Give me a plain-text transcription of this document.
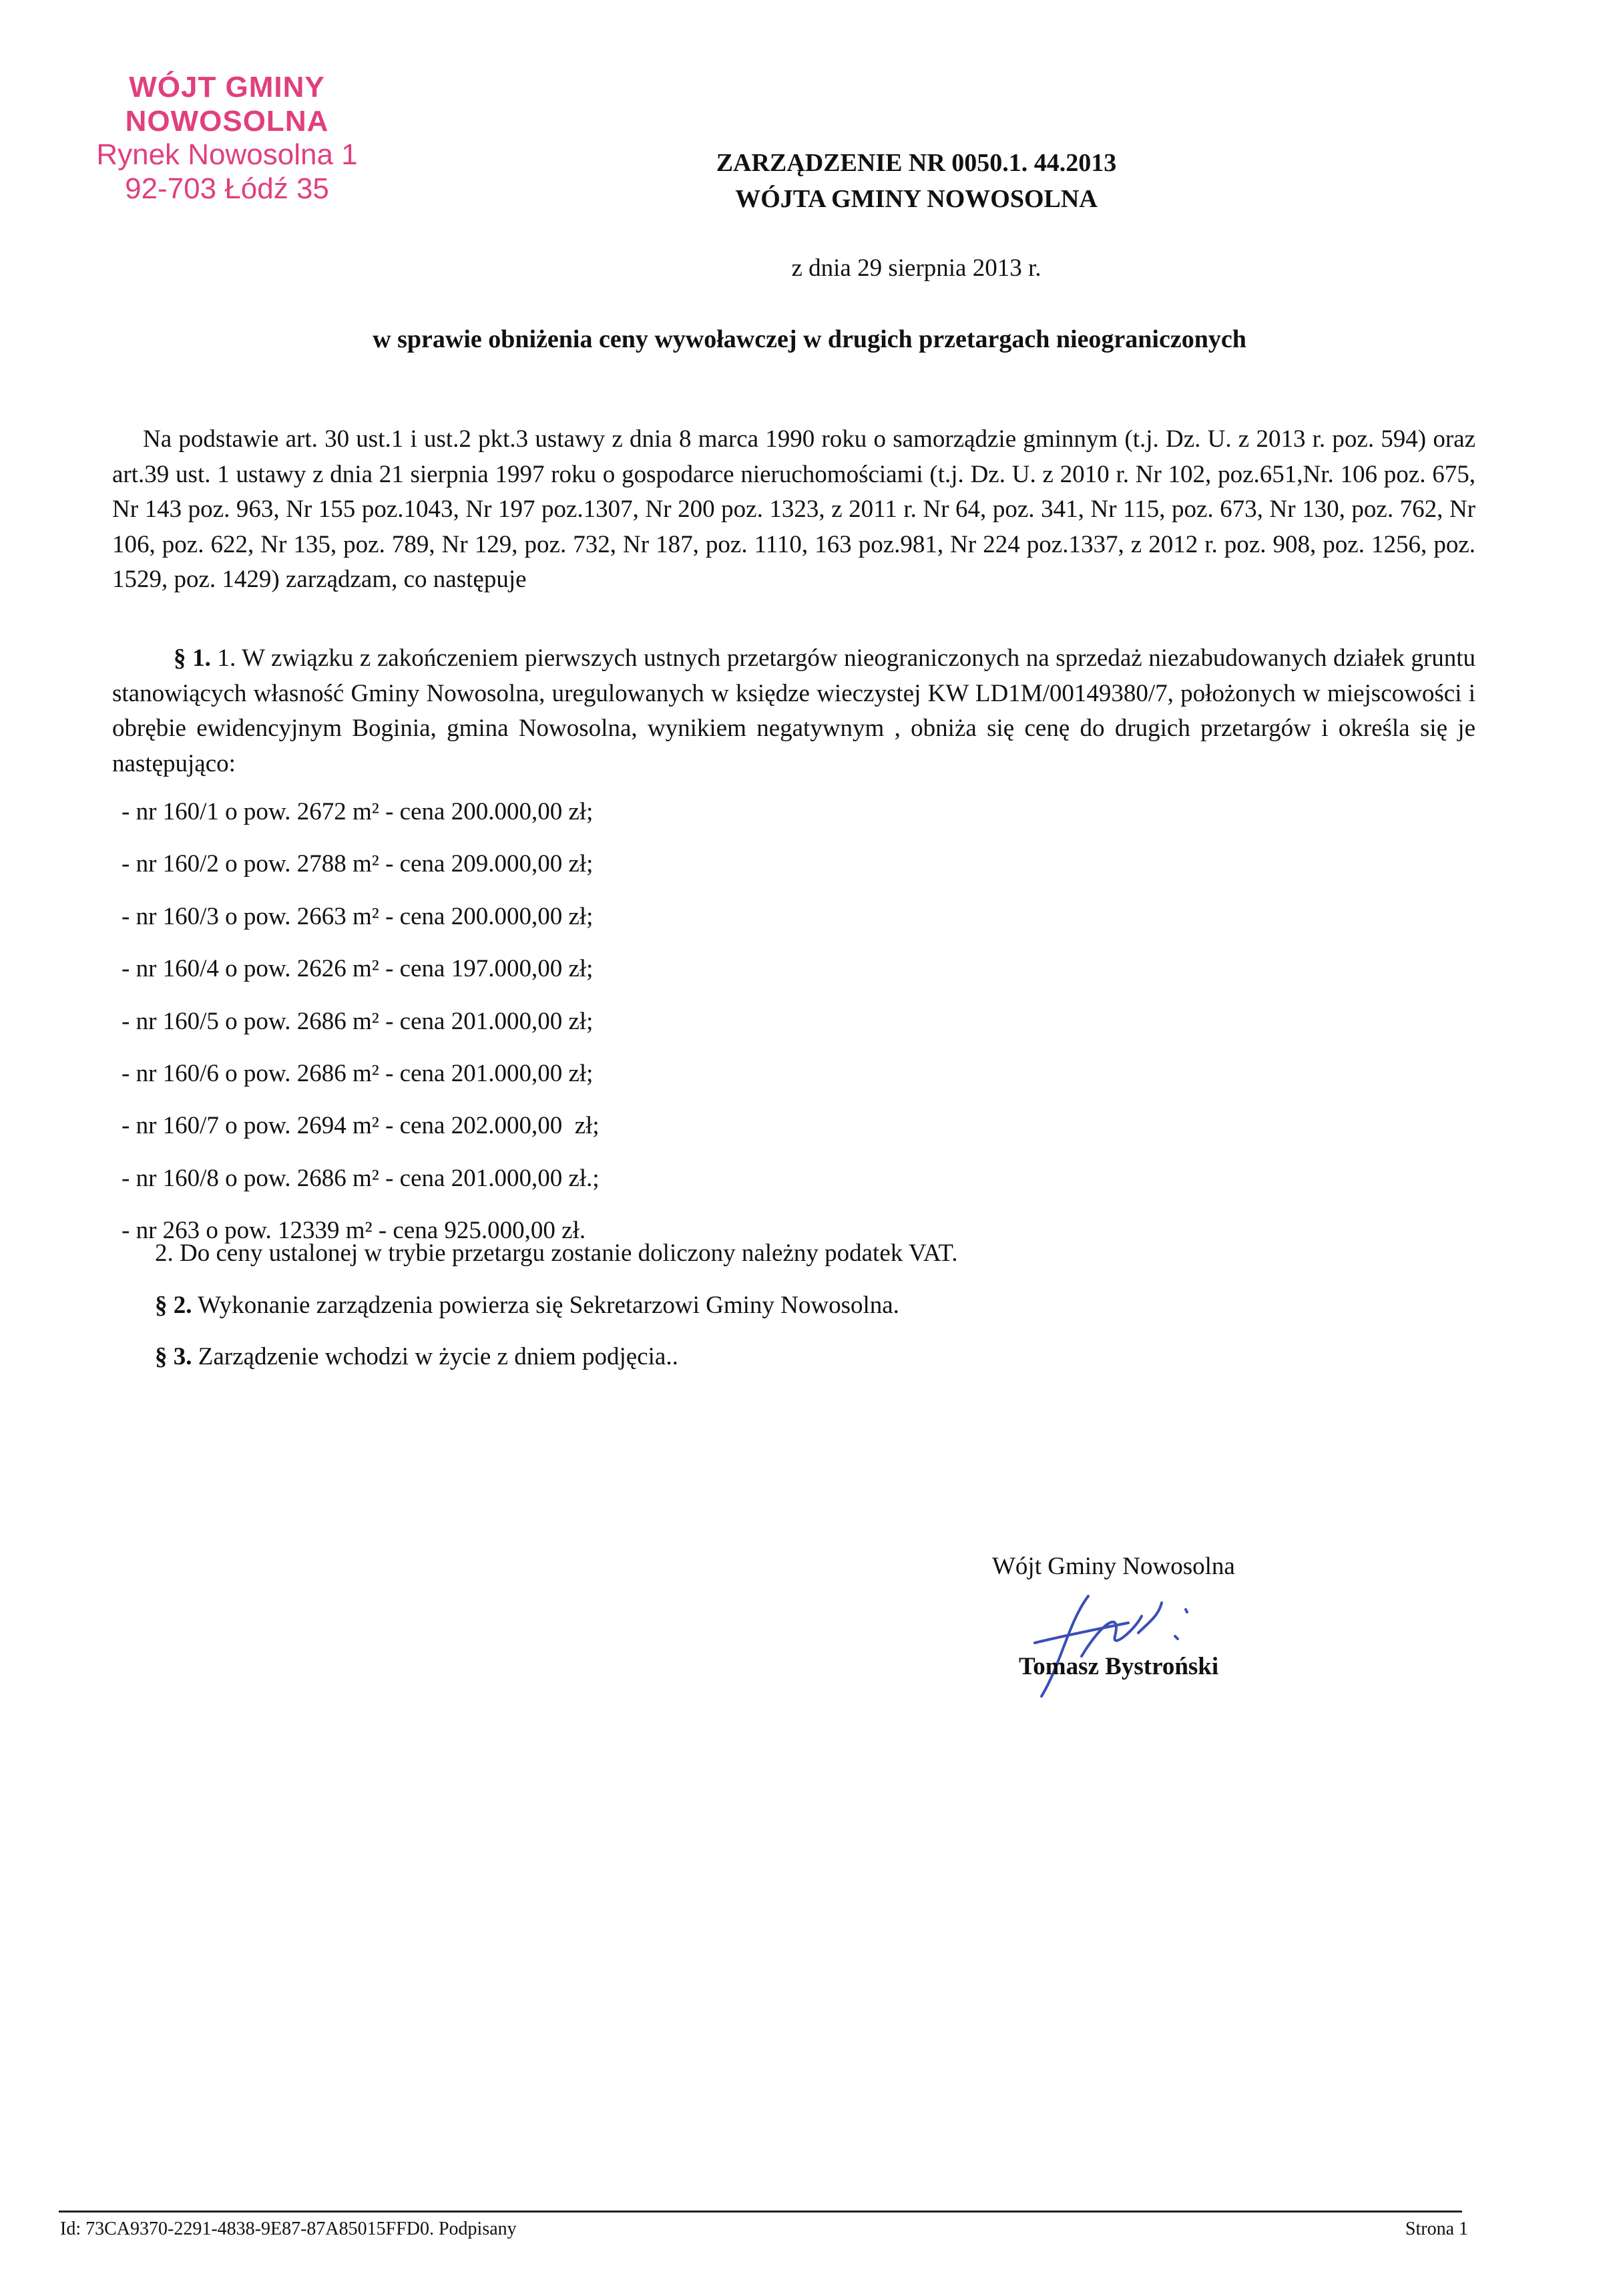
WÓJT GMINY NOWOSOLNA
Rynek Nowosolna 1
92-703 Łódź 35
ZARZĄDZENIE NR 0050.1. 44.2013
WÓJTA GMINY NOWOSOLNA
z dnia 29 sierpnia 2013 r.
w sprawie obniżenia ceny wywoławczej w drugich przetargach nieograniczonych
Na podstawie art. 30 ust.1 i ust.2 pkt.3 ustawy z dnia 8 marca 1990 roku o samorządzie gminnym (t.j. Dz. U. z 2013 r. poz. 594) oraz art.39 ust. 1 ustawy z dnia 21 sierpnia 1997 roku o gospodarce nieruchomościami (t.j. Dz. U. z 2010 r. Nr 102, poz.651,Nr. 106 poz. 675, Nr 143 poz. 963, Nr 155 poz.1043, Nr 197 poz.1307, Nr 200 poz. 1323, z 2011 r. Nr 64, poz. 341, Nr 115, poz. 673, Nr 130, poz. 762, Nr 106, poz. 622, Nr 135, poz. 789, Nr 129, poz. 732, Nr 187, poz. 1110, 163 poz.981, Nr 224 poz.1337, z 2012 r. poz. 908, poz. 1256, poz. 1529, poz. 1429) zarządzam, co następuje
§ 1. 1. W związku z zakończeniem pierwszych ustnych przetargów nieograniczonych na sprzedaż niezabudowanych działek gruntu stanowiących własność Gminy Nowosolna, uregulowanych w księdze wieczystej KW LD1M/00149380/7, położonych w miejscowości i obrębie ewidencyjnym Boginia, gmina Nowosolna, wynikiem negatywnym , obniża się cenę do drugich przetargów i określa się je następująco:
- nr 160/1 o pow. 2672 m² - cena 200.000,00 zł;
- nr 160/2 o pow. 2788 m² - cena 209.000,00 zł;
- nr 160/3 o pow. 2663 m² - cena 200.000,00 zł;
- nr 160/4 o pow. 2626 m² - cena 197.000,00 zł;
- nr 160/5 o pow. 2686 m² - cena 201.000,00 zł;
- nr 160/6 o pow. 2686 m² - cena 201.000,00 zł;
- nr 160/7 o pow. 2694 m² - cena 202.000,00  zł;
- nr 160/8 o pow. 2686 m² - cena 201.000,00 zł.;
- nr 263 o pow. 12339 m² - cena 925.000,00 zł.
2. Do ceny ustalonej w trybie przetargu zostanie doliczony należny podatek VAT.
§ 2. Wykonanie zarządzenia powierza się Sekretarzowi Gminy Nowosolna.
§ 3. Zarządzenie wchodzi w życie z dniem podjęcia..
Wójt Gminy Nowosolna
Tomasz Bystroński
Id: 73CA9370-2291-4838-9E87-87A85015FFD0. Podpisany	Strona 1
